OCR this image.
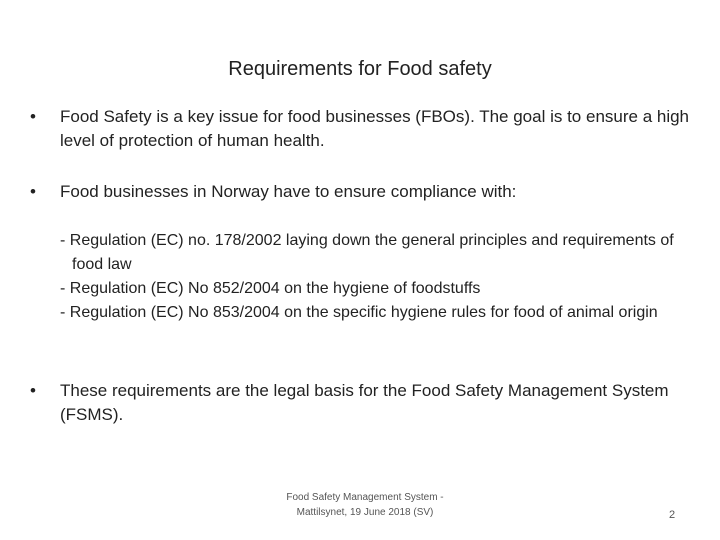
Requirements for Food safety
•	Food Safety is a key issue for food businesses (FBOs). The goal is to ensure a high level of protection of human health.
•	Food businesses in Norway have to ensure compliance with:
- Regulation (EC) no. 178/2002 laying down the general principles and requirements of food law
- Regulation (EC) No 852/2004 on the hygiene of foodstuffs
- Regulation (EC) No 853/2004 on the specific hygiene rules for food of animal origin
•	These requirements are the legal basis for the Food Safety Management System (FSMS).
Food Safety Management System -
Mattilsynet, 19 June 2018 (SV)	2
